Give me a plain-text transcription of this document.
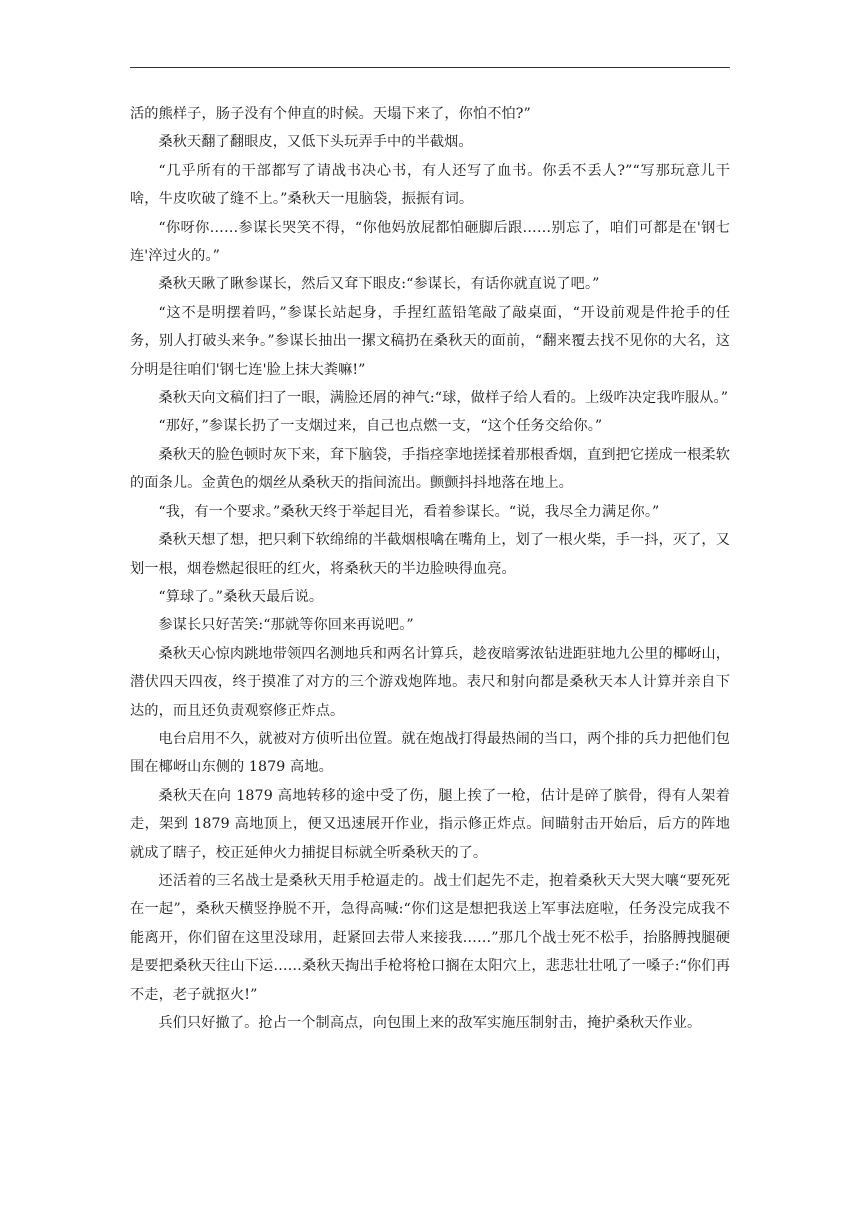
活的熊样子，肠子没有个伸直的时候。天塌下来了，你怕不怕?”

桑秋天翻了翻眼皮，又低下头玩弄手中的半截烟。

“几乎所有的干部都写了请战书决心书，有人还写了血书。你丢不丢人?”“写那玩意儿干啥，牛皮吹破了缝不上。”桑秋天一甩脑袋，振振有词。

“你呀你……参谋长哭笑不得，“你他妈放屁都怕砸脚后跟……别忘了，咱们可都是在'钢七连'淬过火的。”

桑秋天瞅了瞅参谋长，然后又耷下眼皮:“参谋长，有话你就直说了吧。”

“这不是明摆着吗，”参谋长站起身，手捏红蓝铅笔敲了敲桌面，“开设前观是件抢手的任务，别人打破头来争。”参谋长抽出一摞文稿扔在桑秋天的面前，“翻来覆去找不见你的大名，这分明是往咱们'钢七连'脸上抹大粪嘛!”

桑秋天向文稿们扫了一眼，满脸还屑的神气:“球，做样子给人看的。上级咋决定我咋服从。”

“那好，”参谋长扔了一支烟过来，自己也点燃一支，“这个任务交给你。”

桑秋天的脸色顿时灰下来，耷下脑袋，手指痉挛地搓揉着那根香烟，直到把它搓成一根柔软的面条儿。金黄色的烟丝从桑秋天的指间流出。颤颤抖抖地落在地上。

“我，有一个要求。”桑秋天终于举起目光，看着参谋长。“说，我尽全力满足你。”

桑秋天想了想，把只剩下软绵绵的半截烟根噙在嘴角上，划了一根火柴，手一抖，灭了，又划一根，烟卷燃起很旺的红火，将桑秋天的半边脸映得血亮。

“算球了。”桑秋天最后说。

参谋长只好苦笑:“那就等你回来再说吧。”

桑秋天心惊肉跳地带领四名测地兵和两名计算兵，趁夜暗雾浓钻进距驻地九公里的椰岈山，潜伏四天四夜，终于摸准了对方的三个游戏炮阵地。表尺和射向都是桑秋天本人计算并亲自下达的，而且还负责观察修正炸点。

电台启用不久，就被对方侦听出位置。就在炮战打得最热闹的当口，两个排的兵力把他们包围在椰岈山东侧的 1879 高地。

桑秋天在向 1879 高地转移的途中受了伤，腿上挨了一枪，估计是碎了膑骨，得有人架着走，架到 1879 高地顶上，便又迅速展开作业，指示修正炸点。间瞄射击开始后，后方的阵地就成了瞎子，校正延伸火力捕捉目标就全听桑秋天的了。

还活着的三名战士是桑秋天用手枪逼走的。战士们起先不走，抱着桑秋天大哭大嚷“要死死在一起”，桑秋天横竖挣脱不开，急得高喊:“你们这是想把我送上军事法庭啦，任务没完成我不能离开，你们留在这里没球用，赶紧回去带人来接我……”那几个战士死不松手，抬胳膊拽腿硬是要把桑秋天往山下运……桑秋天掏出手枪将枪口搁在太阳穴上，悲悲壮壮吼了一嗓子:“你们再不走，老子就抠火!”

兵们只好撤了。抢占一个制高点，向包围上来的敌军实施压制射击，掩护桑秋天作业。
